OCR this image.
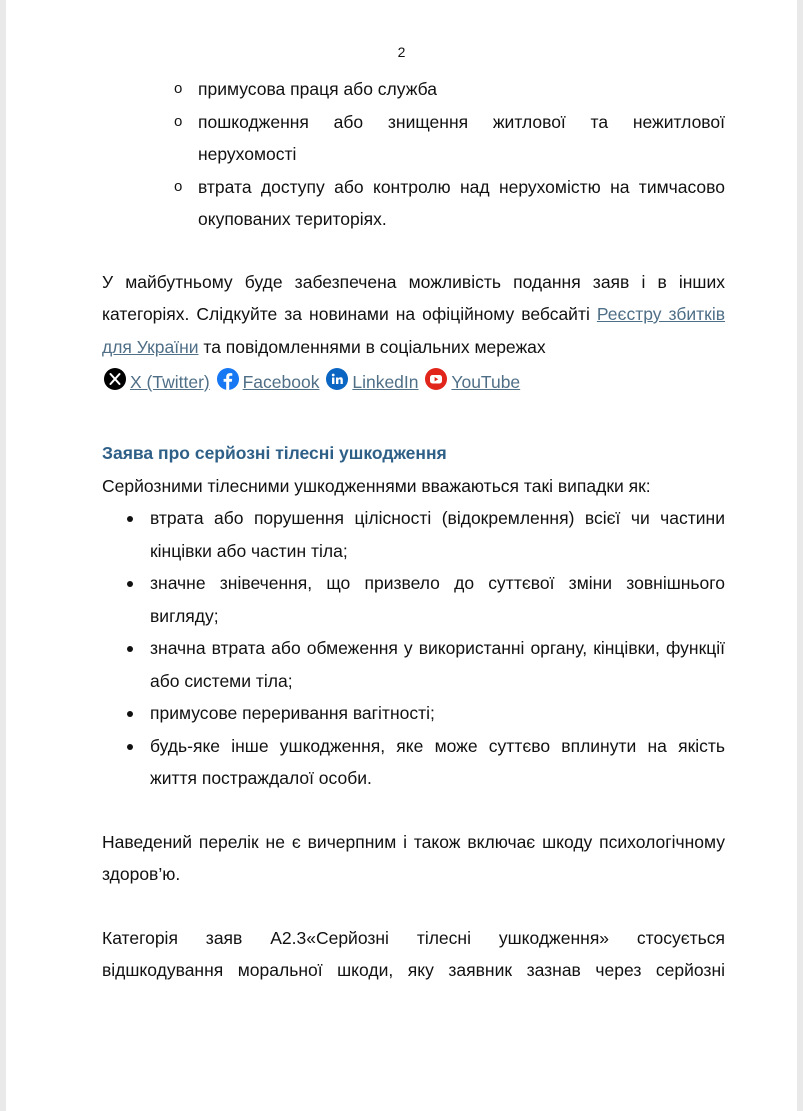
2
o
примусова праця або служба
o
пошкодження або знищення житлової та нежитлової нерухомості
o
втрата доступу або контролю над нерухомістю на тимчасово окупованих територіях.

У майбутньому буде забезпечена можливість подання заяв і в інших категоріях. Слідкуйте за новинами на офіційному вебсайті Реєстру збитків для України та повідомленнями в соціальних мережах

X (Twitter) Facebook LinkedIn YouTube
Заява про серйозні тілесні ушкодження

Серйозними тілесними ушкодженнями вважаються такі випадки як:

втрата або порушення цілісності (відокремлення) всієї чи частини кінцівки або частин тіла;
значне знівечення, що призвело до суттєвої зміни зовнішнього вигляду;
значна втрата або обмеження у використанні органу, кінцівки, функції або системи тіла;
примусове переривання вагітності;
будь-яке інше ушкодження, яке може суттєво вплинути на якість життя постраждалої особи.

Наведений перелік не є вичерпним і також включає шкоду психологічному здоров’ю.

Категорія заяв А2.3«Серйозні тілесні ушкодження» стосується відшкодування моральної шкоди, яку заявник зазнав через серйозні
